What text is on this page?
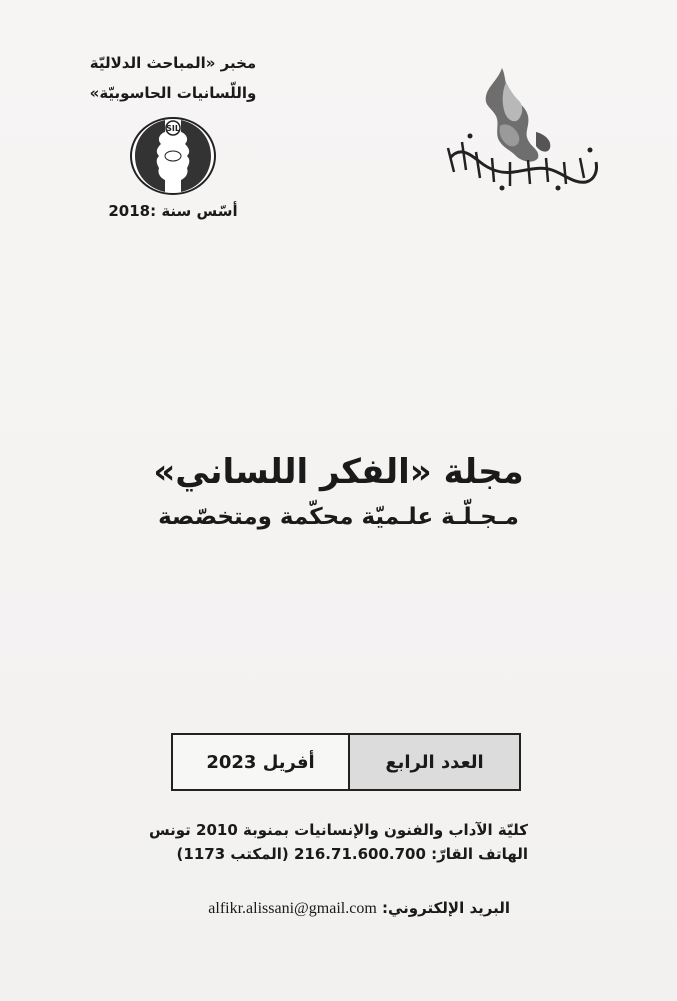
مخبر «المباحث الدلاليّة
واللّسانيات الحاسوبيّة»
SIL
أسّس سنة :2018
مجلة «الفكر اللساني»
مـجـلّـة علـميّة محكّمة ومتخصّصة
أفريل 2023	العدد الرابع
كليّة الآداب والفنون والإنسانيات بمنوبة 2010 تونس
الهاتف القارّ: 216.71.600.700 (المكتب 1173)
البريد الإلكتروني: alfikr.alissani@gmail.com
